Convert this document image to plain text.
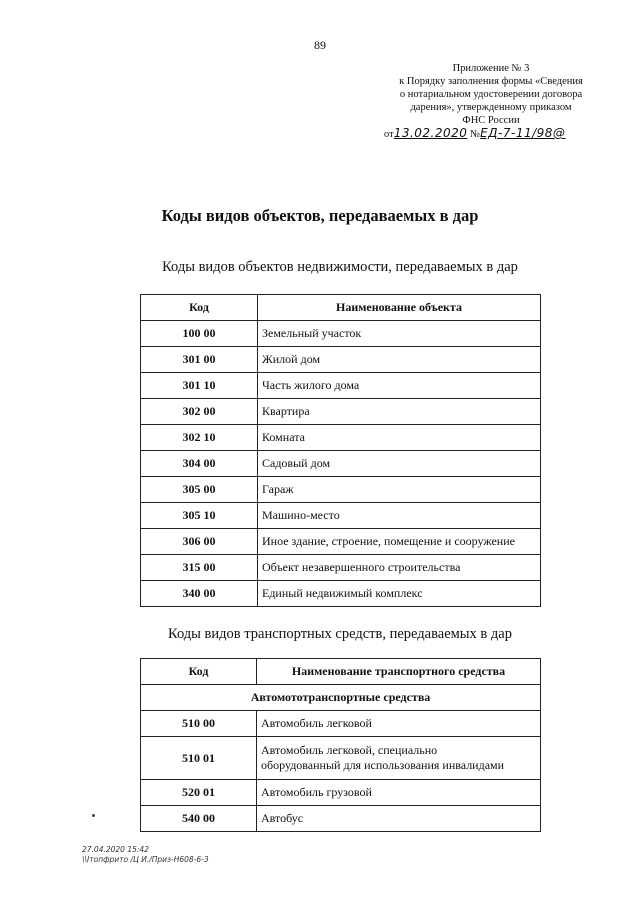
89
Приложение № 3
к Порядку заполнения формы «Сведения
о нотариальном удостоверении договора
дарения», утвержденному приказом
ФНС России
от13.02.2020 №ЕД-7-11/98@
Коды видов объектов, передаваемых в дар
Коды видов объектов недвижимости, передаваемых в дар
Код	Наименование объекта
100 00	Земельный участок
301 00	Жилой дом
301 10	Часть жилого дома
302 00	Квартира
302 10	Комната
304 00	Садовый дом
305 00	Гараж
305 10	Машино-место
306 00	Иное здание, строение, помещение и сооружение
315 00	Объект незавершенного строительства
340 00	Единый недвижимый комплекс
Коды видов транспортных средств, передаваемых в дар
Код	Наименование транспортного средства
Автомототранспортные средства	
510 00	Автомобиль легковой
510 01	Автомобиль легковой, специально
оборудованный для использования инвалидами

520 01	Автомобиль грузовой
540 00	Автобус
27.04.2020 15:42
\\Ітопфрито /Ц И./Приз-Н608-6-3
